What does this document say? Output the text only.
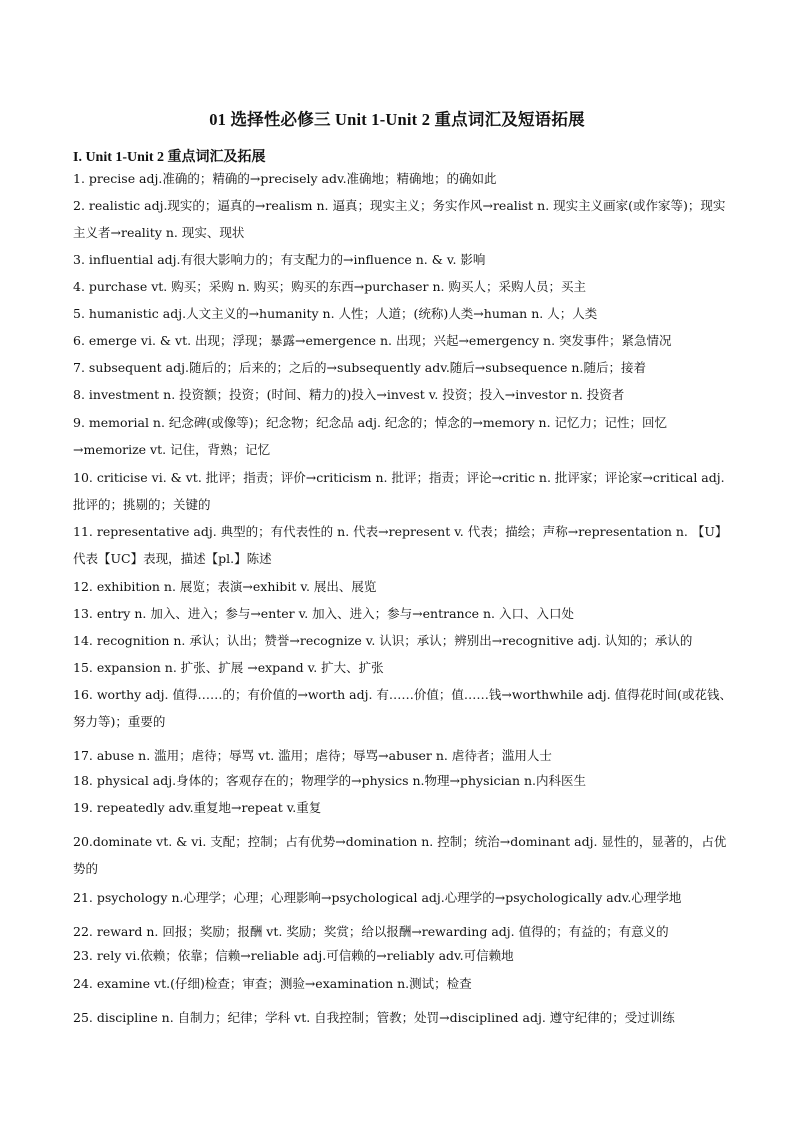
01 选择性必修三 Unit 1-Unit 2 重点词汇及短语拓展
I. Unit 1-Unit 2 重点词汇及拓展
1. precise adj.准确的；精确的→precisely adv.准确地；精确地；的确如此
2. realistic adj.现实的；逼真的→realism n. 逼真；现实主义；务实作风→realist n. 现实主义画家(或作家等)；现实主义者→reality n. 现实、现状
3. influential adj.有很大影响力的；有支配力的→influence n. & v. 影响
4. purchase vt. 购买；采购 n. 购买；购买的东西→purchaser n. 购买人；采购人员；买主
5. humanistic adj.人文主义的→humanity n. 人性；人道；(统称)人类→human n. 人；人类
6. emerge vi. & vt. 出现；浮现；暴露→emergence n. 出现；兴起→emergency n. 突发事件；紧急情况
7. subsequent adj.随后的；后来的；之后的→subsequently adv.随后→subsequence n.随后；接着
8. investment n. 投资额；投资；(时间、精力的)投入→invest v. 投资；投入→investor n. 投资者
9. memorial n. 纪念碑(或像等)；纪念物；纪念品 adj. 纪念的；悼念的→memory n. 记忆力；记性；回忆→memorize vt. 记住，背熟；记忆
10. criticise vi. & vt. 批评；指责；评价→criticism n. 批评；指责；评论→critic n. 批评家；评论家→critical adj.批评的；挑剔的；关键的
11. representative adj. 典型的；有代表性的 n. 代表→represent v. 代表；描绘；声称→representation n. 【U】代表【UC】表现，描述【pl.】陈述
12. exhibition n. 展览；表演→exhibit v. 展出、展览
13. entry n. 加入、进入；参与→enter v. 加入、进入；参与→entrance n. 入口、入口处
14. recognition n. 承认；认出；赞誉→recognize v. 认识；承认；辨别出→recognitive adj. 认知的；承认的
15. expansion n. 扩张、扩展 →expand v. 扩大、扩张
16. worthy adj. 值得……的；有价值的→worth adj. 有……价值；值……钱→worthwhile adj. 值得花时间(或花钱、努力等)；重要的
17. abuse n. 滥用；虐待；辱骂 vt. 滥用；虐待；辱骂→abuser n. 虐待者；滥用人士
18. physical adj.身体的；客观存在的；物理学的→physics n.物理→physician n.内科医生
19. repeatedly adv.重复地→repeat v.重复
20.dominate vt. & vi. 支配；控制；占有优势→domination n. 控制；统治→dominant adj. 显性的，显著的，占优势的
21. psychology n.心理学；心理；心理影响→psychological adj.心理学的→psychologically adv.心理学地
22. reward n. 回报；奖励；报酬 vt. 奖励；奖赏；给以报酬→rewarding adj. 值得的；有益的；有意义的
23. rely vi.依赖；依靠；信赖→reliable adj.可信赖的→reliably adv.可信赖地
24. examine vt.(仔细)检查；审查；测验→examination n.测试；检查
25. discipline n. 自制力；纪律；学科 vt. 自我控制；管教；处罚→disciplined adj. 遵守纪律的；受过训练
